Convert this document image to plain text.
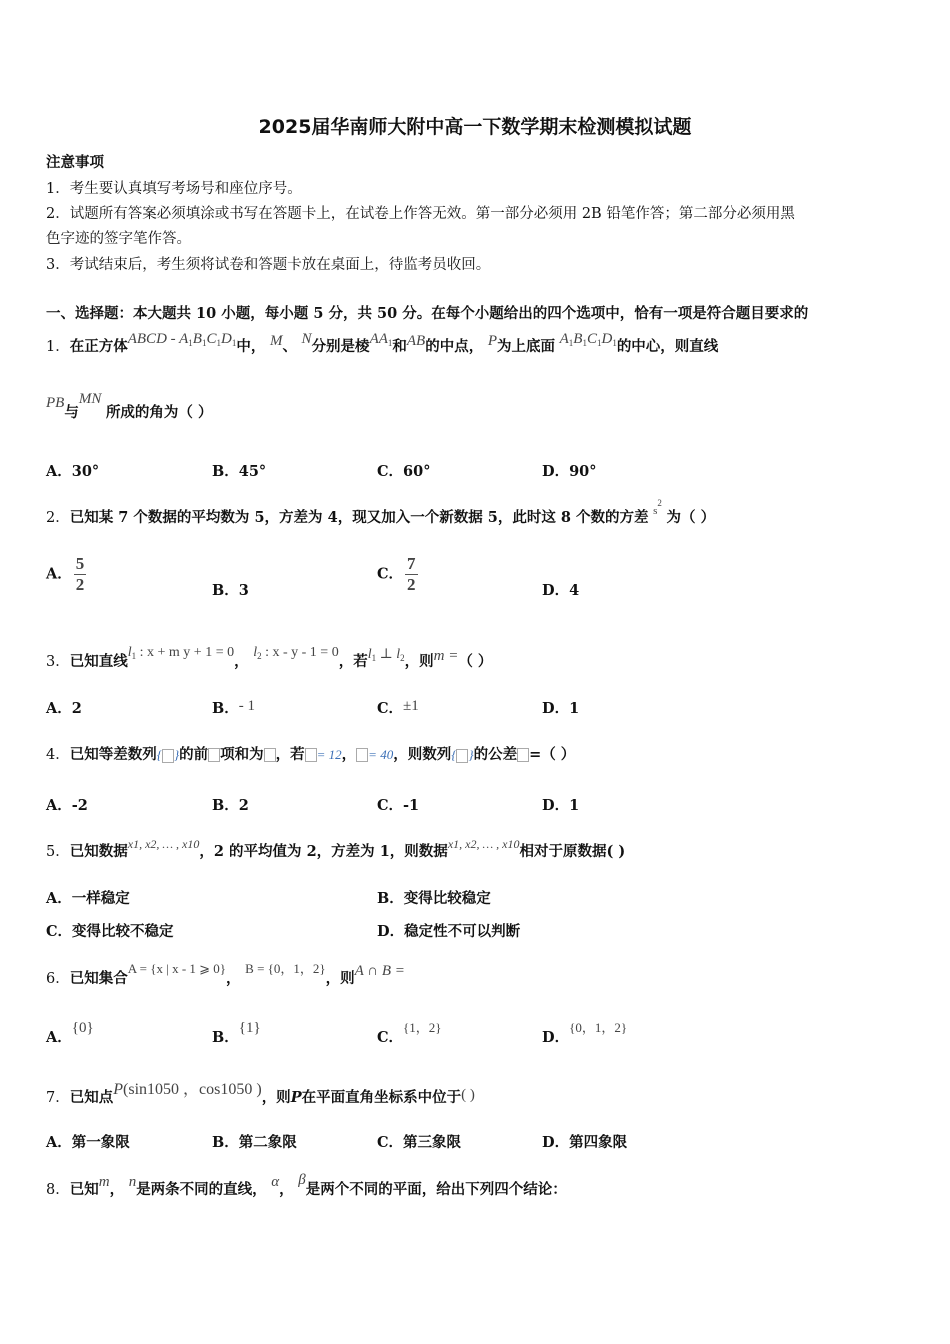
2025届华南师大附中高一下数学期末检测模拟试题
注意事项
1．考生要认真填写考场号和座位序号。
2．试题所有答案必须填涂或书写在答题卡上，在试卷上作答无效。第一部分必须用 2B 铅笔作答；第二部分必须用黑
色字迹的签字笔作答。
3．考试结束后，考生须将试卷和答题卡放在桌面上，待监考员收回。
一、选择题：本大题共 10 小题，每小题 5 分，共 50 分。在每个小题给出的四个选项中，恰有一项是符合题目要求的
1．在正方体ABCD - $A_1B_1C_1D_1$中， M、 N分别是棱$AA_1$和AB的中点， P为上底面 $A_1B_1C_1D_1$的中心，则直线
PB与MN 所成的角为（ ）
A．30°	B．45°	C．60°	D．90°
2．已知某 7 个数据的平均数为 5，方差为 4，现又加入一个新数据 5，此时这 8 个数的方差 $^{s^2}$ 为（ ）
A． $\frac{5}{2}$	B．3
C． $\frac{7}{2}$	D．4
3．已知直线$l_1$ : x + m y + 1 = 0， $l_2$ : x - y - 1 = 0，若$l_1$ ⊥ $l_2$，则m =（ ）
A．2	B．- 1	C．±1	D．1
4．已知等差数列{ }的前 项和为 ，若 = 12， = 40，则数列{ }的公差 =（ ）
A．-2	B．2	C．-1	D．1
5．已知数据$^{x1, x2, \dots , x10}$，2 的平均值为 2，方差为 1，则数据$^{x1, x2, \dots , x10}$相对于原数据( )
A．一样稳定	B．变得比较稳定
C．变得比较不稳定	D．稳定性不可以判断
6．已知集合A = {x | x - 1 ⩾ 0}， B = {0，1，2}，则A ∩ B =
A．{0}
B．{1}
C．{1，2}
D．{0，1，2}
7．已知点P(sin1050 ，cos1050 )，则P在平面直角坐标系中位于( )
A．第一象限	B．第二象限	C．第三象限	D．第四象限
8．已知m， n是两条不同的直线， α， β是两个不同的平面，给出下列四个结论：
